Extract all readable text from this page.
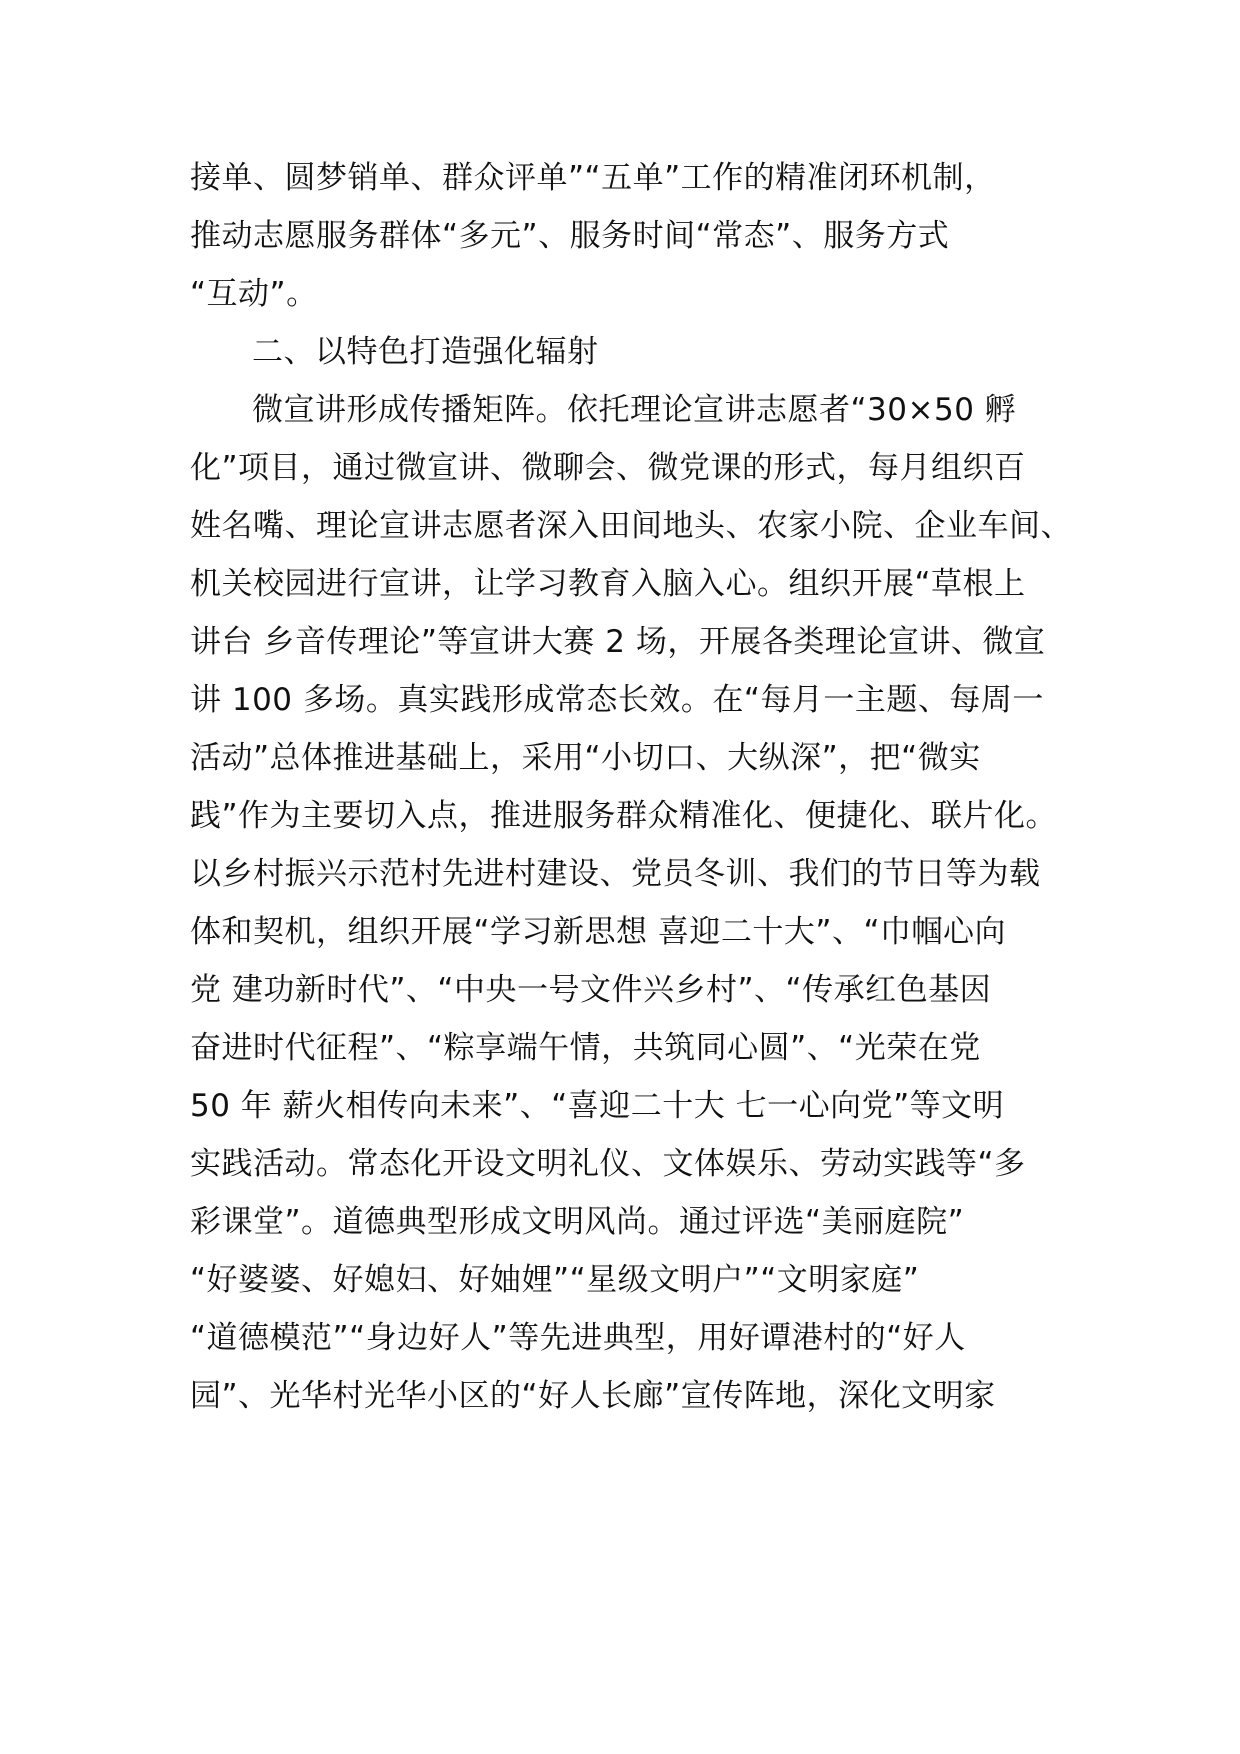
接单、圆梦销单、群众评单”“五单”工作的精准闭环机制，
推动志愿服务群体“多元”、服务时间“常态”、服务方式
“互动”。
二、以特色打造强化辐射
微宣讲形成传播矩阵。依托理论宣讲志愿者“30×50 孵
化”项目，通过微宣讲、微聊会、微党课的形式，每月组织百
姓名嘴、理论宣讲志愿者深入田间地头、农家小院、企业车间、
机关校园进行宣讲，让学习教育入脑入心。组织开展“草根上
讲台 乡音传理论”等宣讲大赛 2 场，开展各类理论宣讲、微宣
讲 100 多场。真实践形成常态长效。在“每月一主题、每周一
活动”总体推进基础上，采用“小切口、大纵深”，把“微实
践”作为主要切入点，推进服务群众精准化、便捷化、联片化。
以乡村振兴示范村先进村建设、党员冬训、我们的节日等为载
体和契机，组织开展“学习新思想 喜迎二十大”、“巾帼心向
党 建功新时代”、“中央一号文件兴乡村”、“传承红色基因
奋进时代征程”、“粽享端午情，共筑同心圆”、“光荣在党
50 年 薪火相传向未来”、“喜迎二十大 七一心向党”等文明
实践活动。常态化开设文明礼仪、文体娱乐、劳动实践等“多
彩课堂”。道德典型形成文明风尚。通过评选“美丽庭院”
“好婆婆、好媳妇、好妯娌”“星级文明户”“文明家庭”
“道德模范”“身边好人”等先进典型，用好谭港村的“好人
园”、光华村光华小区的“好人长廊”宣传阵地，深化文明家
